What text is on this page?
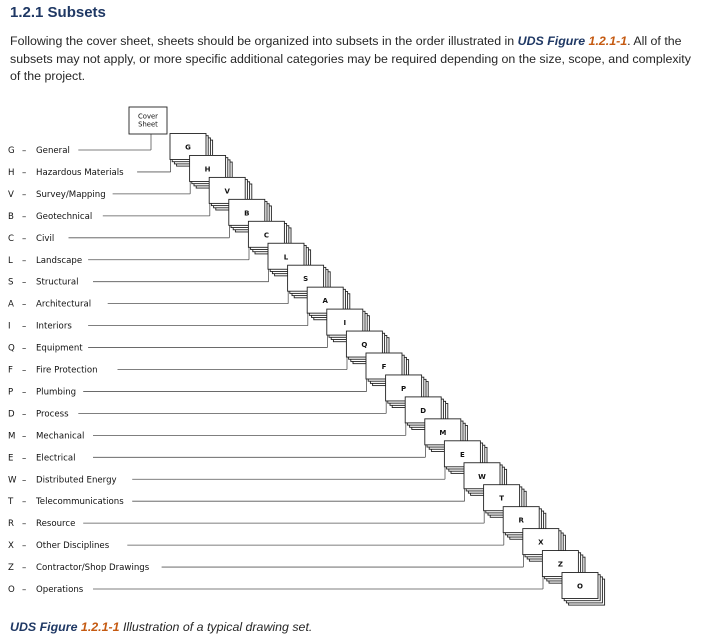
1.2.1 Subsets

Following the cover sheet, sheets should be organized into subsets in the order illustrated in UDS Figure 1.2.1-1. All of the subsets may not apply, or more specific additional categories may be required depending on the size, scope, and complexity of the project.

Cover
Sheet
G
H
V
B
C
L
S
A
I
Q
F
P
D
M
E
W
T
R
X
Z
O
G – General
H – Hazardous Materials
V – Survey/Mapping
B – Geotechnical
C – Civil
L – Landscape
S – Structural
A – Architectural
I – Interiors
Q – Equipment
F – Fire Protection
P – Plumbing
D – Process
M – Mechanical
E – Electrical
W – Distributed Energy
T – Telecommunications
R – Resource
X – Other Disciplines
Z – Contractor/Shop Drawings
O – Operations

UDS Figure 1.2.1-1 Illustration of a typical drawing set.
